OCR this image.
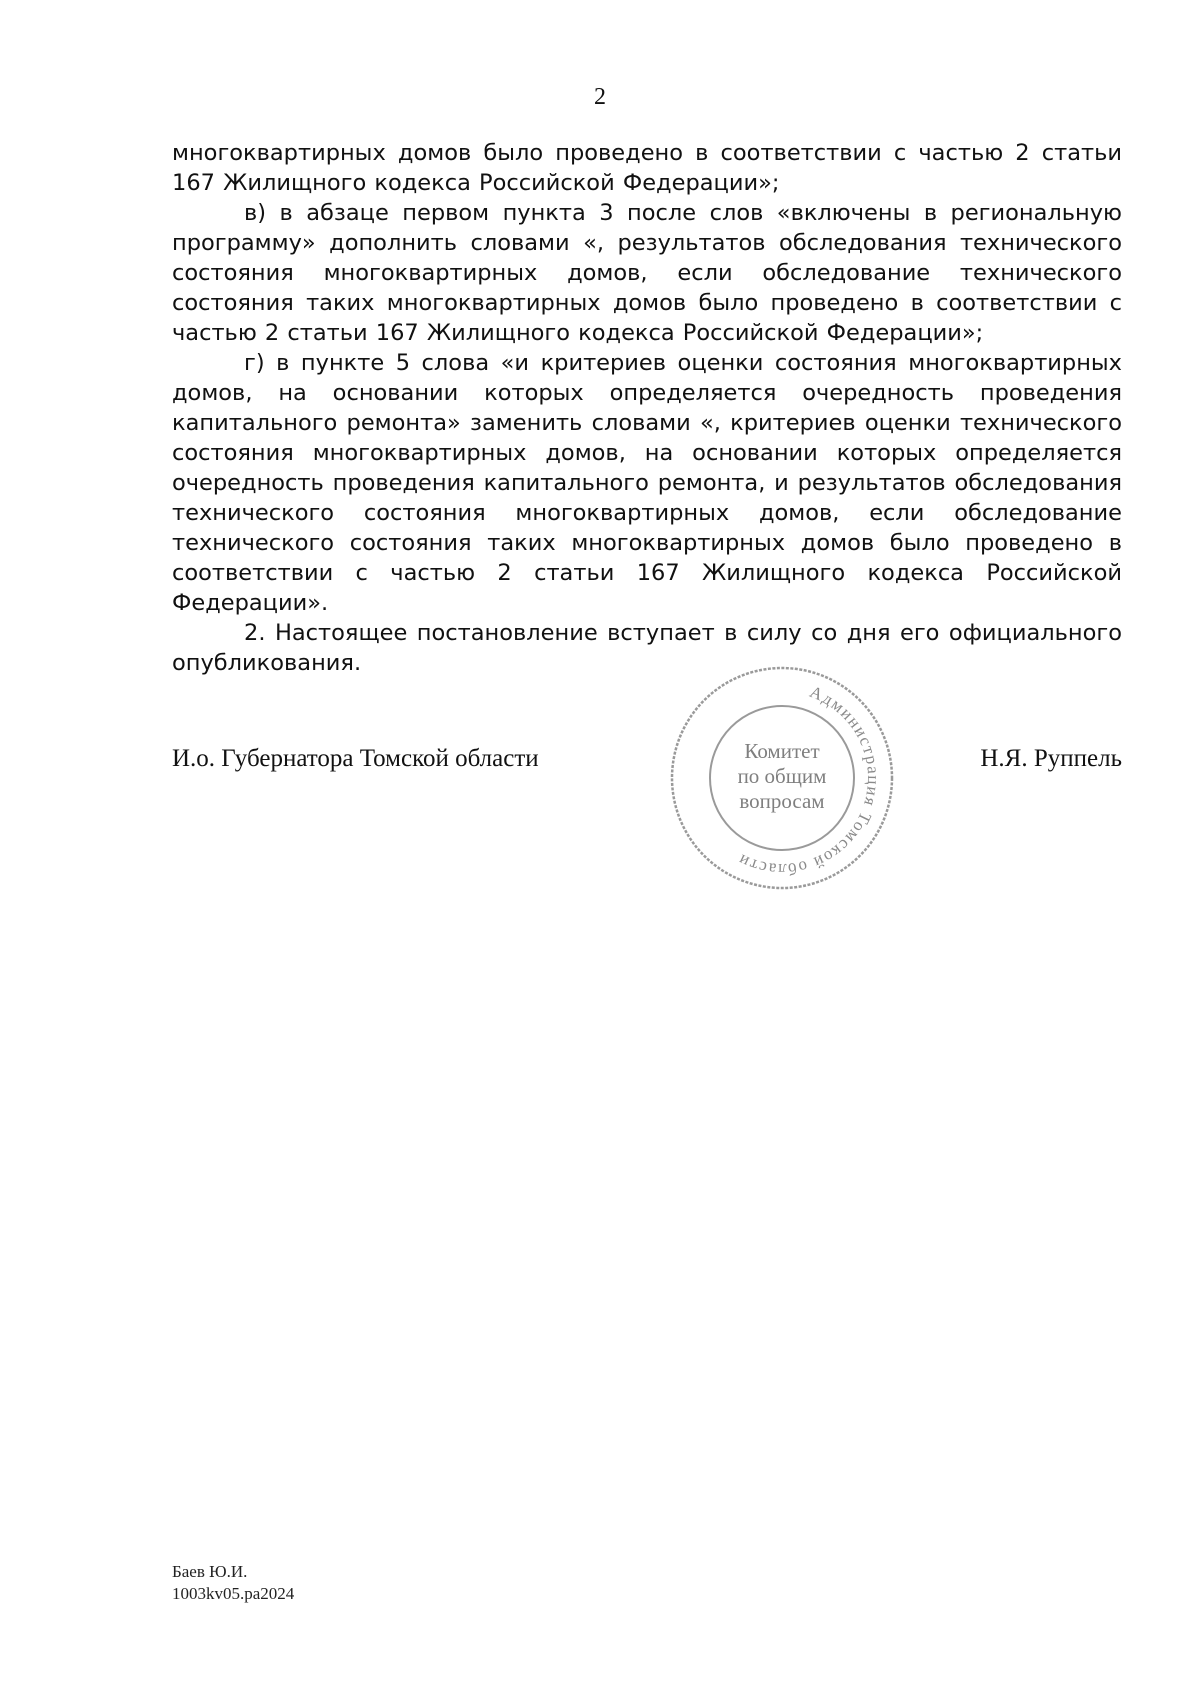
2

многоквартирных домов было проведено в соответствии с частью 2 статьи 167 Жилищного кодекса Российской Федерации»;

в) в абзаце первом пункта 3 после слов «включены в региональную программу» дополнить словами «, результатов обследования технического состояния многоквартирных домов, если обследование технического состояния таких многоквартирных домов было проведено в соответствии с частью 2 статьи 167 Жилищного кодекса Российской Федерации»;

г) в пункте 5 слова «и критериев оценки состояния многоквартирных домов, на основании которых определяется очередность проведения капитального ремонта» заменить словами «, критериев оценки технического состояния многоквартирных домов, на основании которых определяется очередность проведения капитального ремонта, и результатов обследования технического состояния многоквартирных домов, если обследование технического состояния таких многоквартирных домов было проведено в соответствии с частью 2 статьи 167 Жилищного кодекса Российской Федерации».

2. Настоящее постановление вступает в силу со дня его официального опубликования.

Администрация Томской области
Комитет
по общим
вопросам
И.о. Губернатора Томской области	Н.Я. Руппель
Баев Ю.И.
1003kv05.pa2024
